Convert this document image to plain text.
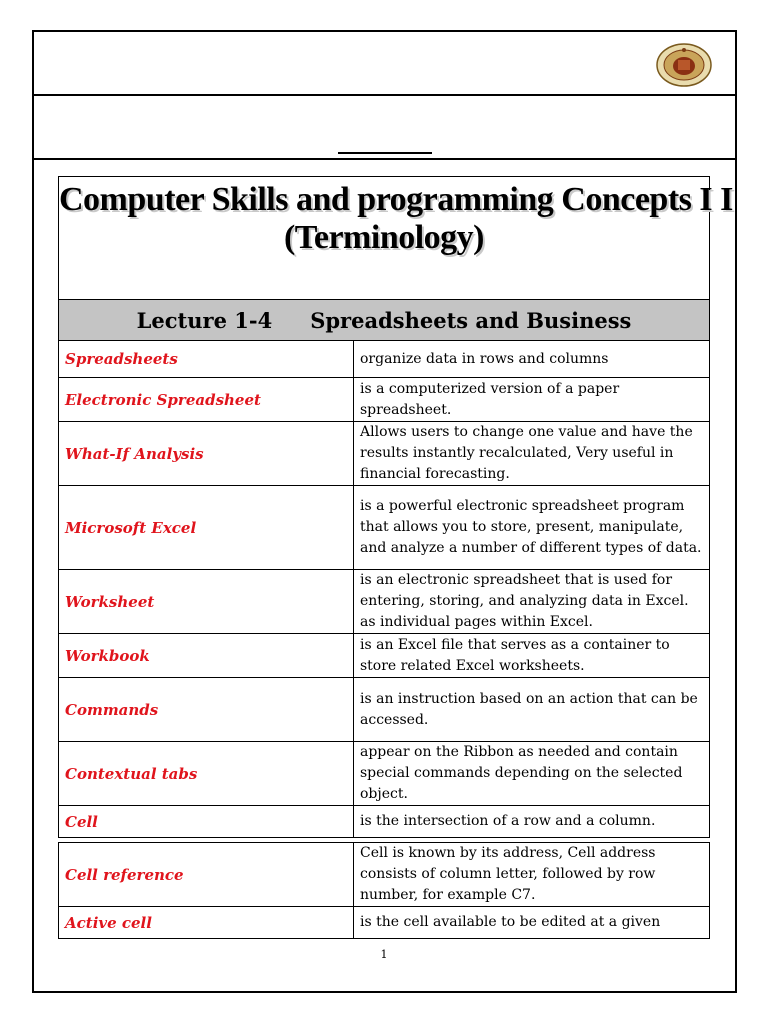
Computer Skills and programming Concepts I I
(Terminology)
Lecture 1-4 Spreadsheets and Business
Spreadsheets	organize data in rows and columns
Electronic Spreadsheet	is a computerized version of a paper spreadsheet.
What-If Analysis	Allows users to change one value and have the results instantly recalculated, Very useful in financial forecasting.
Microsoft Excel	is a powerful electronic spreadsheet program that allows you to store, present, manipulate, and analyze a number of different types of data.
Worksheet	is an electronic spreadsheet that is used for entering, storing, and analyzing data in Excel. as individual pages within Excel.
Workbook	is an Excel file that serves as a container to store related Excel worksheets.
Commands	is an instruction based on an action that can be accessed.
Contextual tabs	appear on the Ribbon as needed and contain special commands depending on the selected object.
Cell	is the intersection of a row and a column.

Cell reference	Cell is known by its address, Cell address consists of column letter, followed by row number, for example C7.
Active cell	is the cell available to be edited at a given
1
